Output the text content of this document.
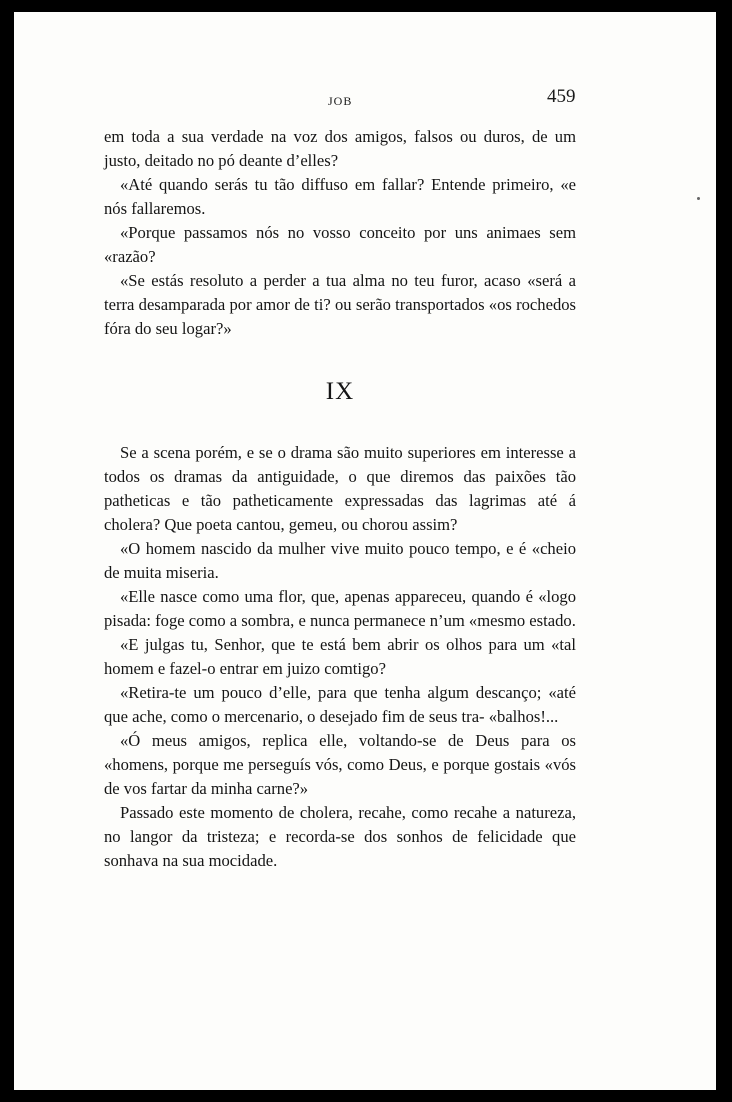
JOB	459

em toda a sua verdade na voz dos amigos, falsos ou duros, de um justo, deitado no pó deante d’elles?

«Até quando serás tu tão diffuso em fallar? Entende primeiro, «e nós fallaremos.

«Porque passamos nós no vosso conceito por uns animaes sem «razão?

«Se estás resoluto a perder a tua alma no teu furor, acaso «será a terra desamparada por amor de ti? ou serão transportados «os rochedos fóra do seu logar?»

IX

Se a scena porém, e se o drama são muito superiores em interesse a todos os dramas da antiguidade, o que diremos das paixões tão patheticas e tão patheticamente expressadas das lagrimas até á cholera? Que poeta cantou, gemeu, ou chorou assim?

«O homem nascido da mulher vive muito pouco tempo, e é «cheio de muita miseria.

«Elle nasce como uma flor, que, apenas appareceu, quando é «logo pisada: foge como a sombra, e nunca permanece n’um «mesmo estado.

«E julgas tu, Senhor, que te está bem abrir os olhos para um «tal homem e fazel-o entrar em juizo comtigo?

«Retira-te um pouco d’elle, para que tenha algum descanço; «até que ache, como o mercenario, o desejado fim de seus tra- «balhos!...

«Ó meus amigos, replica elle, voltando-se de Deus para os «homens, porque me perseguís vós, como Deus, e porque gostais «vós de vos fartar da minha carne?»

Passado este momento de cholera, recahe, como recahe a natureza, no langor da tristeza; e recorda-se dos sonhos de felicidade que sonhava na sua mocidade.
